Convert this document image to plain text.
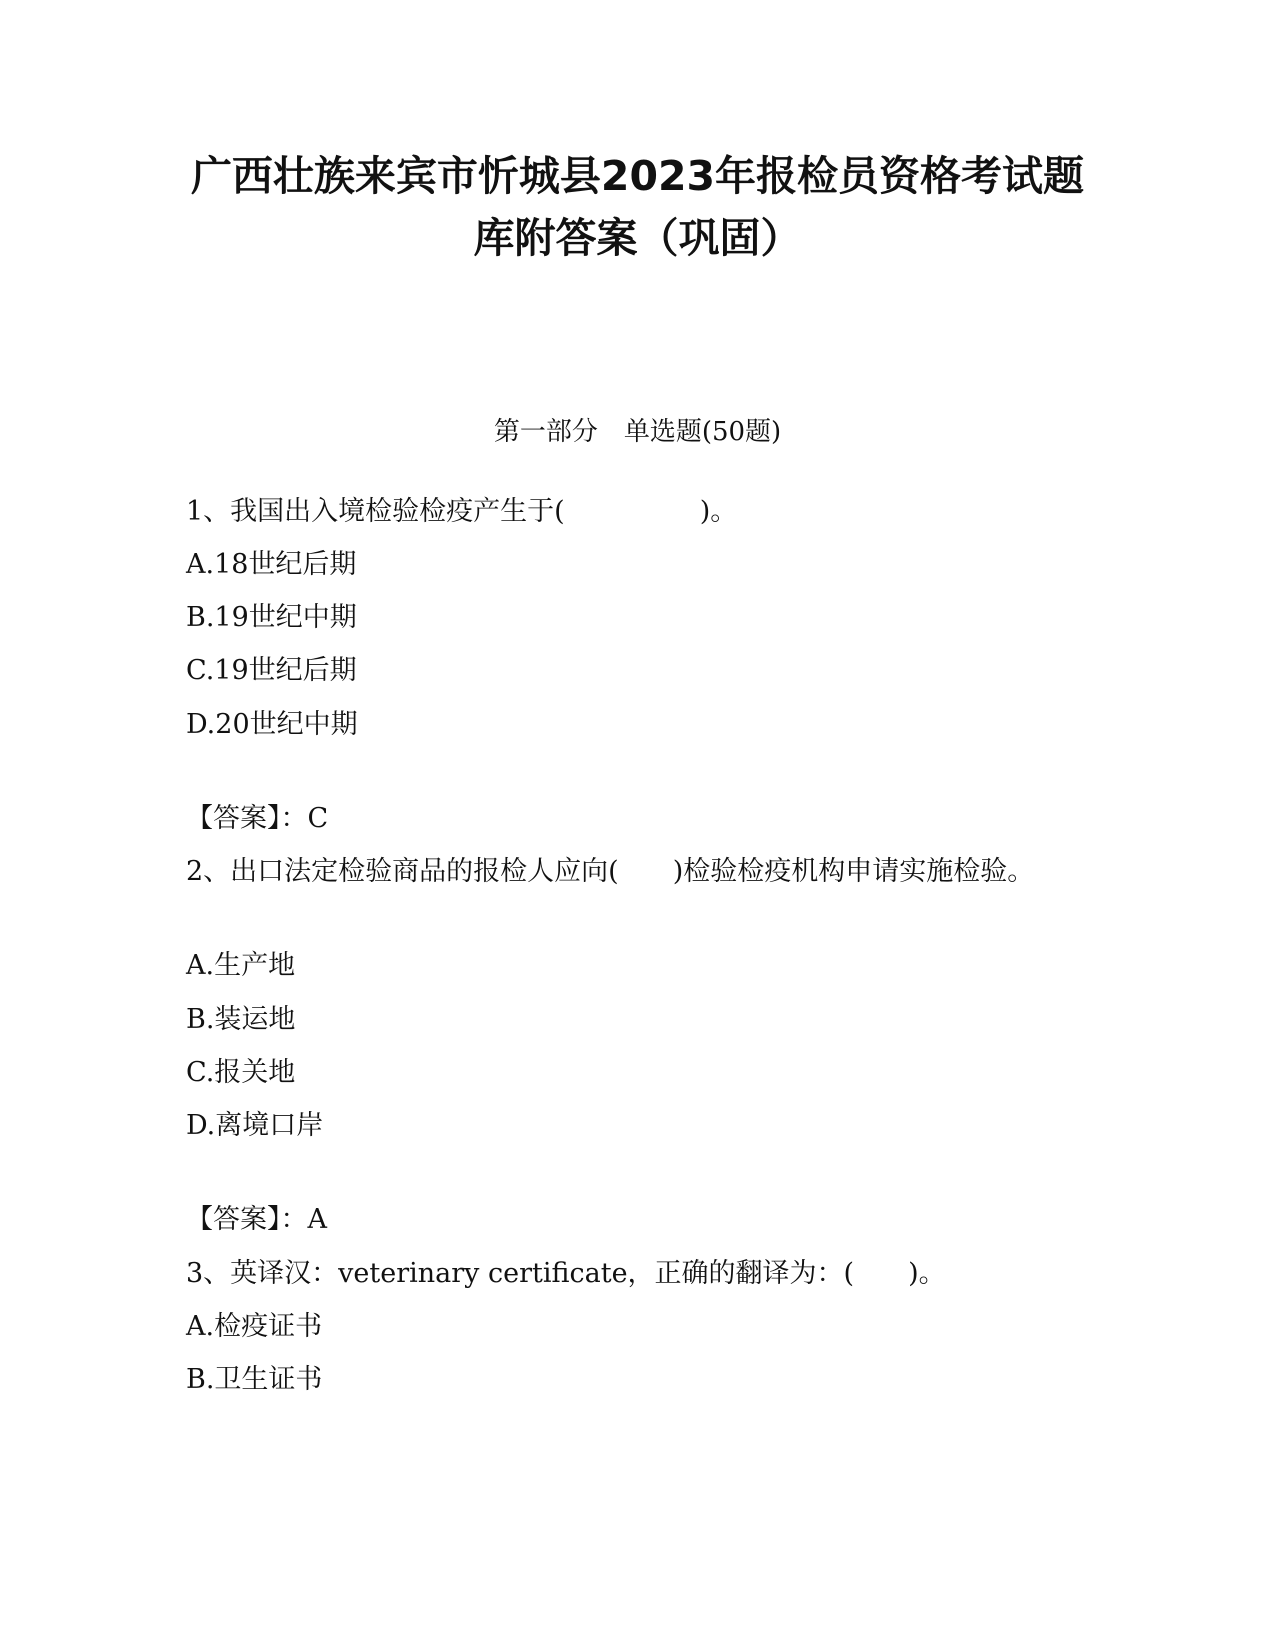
广西壮族来宾市忻城县2023年报检员资格考试题
库附答案（巩固）

第一部分　单选题(50题)

1、我国出入境检验检疫产生于(　　　　　)。

A.18世纪后期

B.19世纪中期

C.19世纪后期

D.20世纪中期

【答案】：C

2、出口法定检验商品的报检人应向(　　)检验检疫机构申请实施检验。

A.生产地

B.装运地

C.报关地

D.离境口岸

【答案】：A

3、英译汉：veterinary certificate，正确的翻译为：(　　)。

A.检疫证书

B.卫生证书
